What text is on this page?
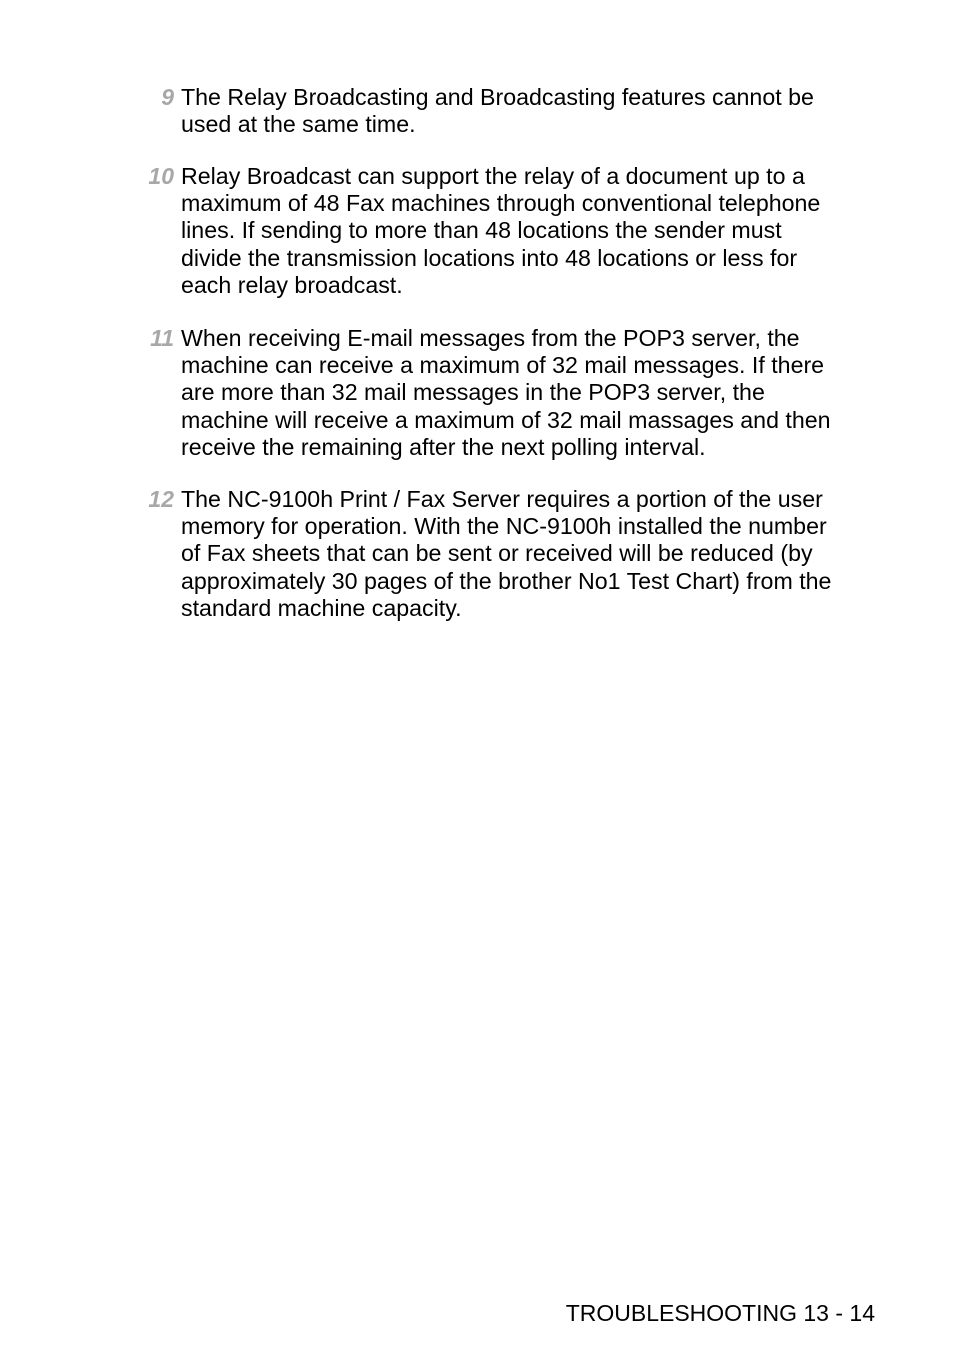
9 The Relay Broadcasting and Broadcasting features cannot be
used at the same time.
10 Relay Broadcast can support the relay of a document up to a
maximum of 48 Fax machines through conventional telephone
lines. If sending to more than 48 locations the sender must
divide the transmission locations into 48 locations or less for
each relay broadcast.
11 When receiving E-mail messages from the POP3 server, the
machine can receive a maximum of 32 mail messages. If there
are more than 32 mail messages in the POP3 server, the
machine will receive a maximum of 32 mail massages and then
receive the remaining after the next polling interval.
12 The NC-9100h Print / Fax Server requires a portion of the user
memory for operation. With the NC-9100h installed the number
of Fax sheets that can be sent or received will be reduced (by
approximately 30 pages of the brother No1 Test Chart) from the
standard machine capacity.
TROUBLESHOOTING 13 - 14
